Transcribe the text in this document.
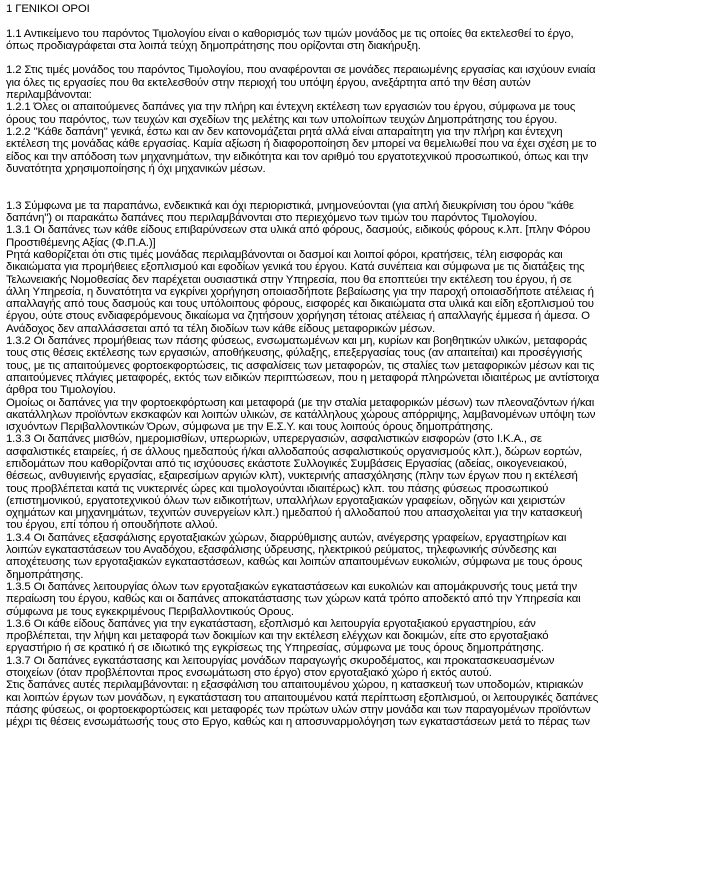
1 ΓΕΝΙΚΟΙ ΟΡΟΙ
1.1 Αντικείμενο του παρόντος Τιμολογίου είναι ο καθορισμός των τιμών μονάδος με τις οποίες θα εκτελεσθεί το έργο,
όπως προδιαγράφεται στα λοιπά τεύχη δημοπράτησης που ορίζονται στη διακήρυξη.
1.2 Στις τιμές μονάδος του παρόντος Τιμολογίου, που αναφέρονται σε μονάδες περαιωμένης εργασίας και ισχύουν ενιαία
για όλες τις εργασίες που θα εκτελεσθούν στην περιοχή του υπόψη έργου, ανεξάρτητα από την θέση αυτών
περιλαμβάνονται:
1.2.1 Όλες οι απαιτούμενες δαπάνες για την πλήρη και έντεχνη εκτέλεση των εργασιών του έργου, σύμφωνα με τους
όρους του παρόντος, των τευχών και σχεδίων της μελέτης και των υπολοίπων τευχών Δημοπράτησης του έργου.
1.2.2 "Κάθε δαπάνη" γενικά, έστω και αν δεν κατονομάζεται ρητά αλλά είναι απαραίτητη για την πλήρη και έντεχνη
εκτέλεση της μονάδας κάθε εργασίας. Καμία αξίωση ή διαφοροποίηση δεν μπορεί να θεμελιωθεί που να έχει σχέση με το
είδος και την απόδοση των μηχανημάτων, την ειδικότητα και τον αριθμό του εργατοτεχνικού προσωπικού, όπως και την
δυνατότητα χρησιμοποίησης ή όχι μηχανικών μέσων.
1.3 Σύμφωνα με τα παραπάνω, ενδεικτικά και όχι περιοριστικά, μνημονεύονται (για απλή διευκρίνιση του όρου "κάθε
δαπάνη") οι παρακάτω δαπάνες που περιλαμβάνονται στο περιεχόμενο των τιμών του παρόντος Τιμολογίου.
1.3.1 Οι δαπάνες των κάθε είδους επιβαρύνσεων στα υλικά από φόρους, δασμούς, ειδικούς φόρους κ.λπ. [πλην Φόρου
Προστιθέμενης Αξίας (Φ.Π.Α.)]
Ρητά καθορίζεται ότι στις τιμές μονάδας περιλαμβάνονται οι δασμοί και λοιποί φόροι, κρατήσεις, τέλη εισφοράς και
δικαιώματα για προμήθειες εξοπλισμού και εφοδίων γενικά του έργου. Κατά συνέπεια και σύμφωνα με τις διατάξεις της
Τελωνειακής Νομοθεσίας δεν παρέχεται ουσιαστικά στην Υπηρεσία, που θα εποπτεύει την εκτέλεση του έργου, ή σε
άλλη Υπηρεσία, η δυνατότητα να εγκρίνει χορήγηση οποιασδήποτε βεβαίωσης για την παροχή οποιασδήποτε ατέλειας ή
απαλλαγής από τους δασμούς και τους υπόλοιπους φόρους, εισφορές και δικαιώματα στα υλικά και είδη εξοπλισμού του
έργου, ούτε στους ενδιαφερόμενους δικαίωμα να ζητήσουν χορήγηση τέτοιας ατέλειας ή απαλλαγής έμμεσα ή άμεσα. Ο
Ανάδοχος δεν απαλλάσσεται από τα τέλη διοδίων των κάθε είδους μεταφορικών μέσων.
1.3.2 Οι δαπάνες προμήθειας των πάσης φύσεως, ενσωματωμένων και μη, κυρίων και βοηθητικών υλικών, μεταφοράς
τους στις θέσεις εκτέλεσης των εργασιών, αποθήκευσης, φύλαξης, επεξεργασίας τους (αν απαιτείται) και προσέγγισής
τους, με τις απαιτούμενες φορτοεκφορτώσεις, τις ασφαλίσεις των μεταφορών, τις σταλίες των μεταφορικών μέσων και τις
απαιτούμενες πλάγιες μεταφορές, εκτός των ειδικών περιπτώσεων, που η μεταφορά πληρώνεται ιδιαιτέρως με αντίστοιχα
άρθρα του Τιμολογίου.
Ομοίως οι δαπάνες για την φορτοεκφόρτωση και μεταφορά (με την σταλία μεταφορικών μέσων) των πλεοναζόντων ή/και
ακατάλληλων προϊόντων εκσκαφών και λοιπών υλικών, σε κατάλληλους χώρους απόρριψης, λαμβανομένων υπόψη των
ισχυόντων Περιβαλλοντικών Όρων, σύμφωνα με την Ε.Σ.Υ. και τους λοιπούς όρους δημοπράτησης.
1.3.3 Οι δαπάνες μισθών, ημερομισθίων, υπερωριών, υπερεργασιών, ασφαλιστικών εισφορών (στο Ι.Κ.Α., σε
ασφαλιστικές εταιρείες, ή σε άλλους ημεδαπούς ή/και αλλοδαπούς ασφαλιστικούς οργανισμούς κλπ.), δώρων εορτών,
επιδομάτων που καθορίζονται από τις ισχύουσες εκάστοτε Συλλογικές Συμβάσεις Εργασίας (αδείας, οικογενειακού,
θέσεως, ανθυγιεινής εργασίας, εξαιρεσίμων αργιών κλπ), νυκτερινής απασχόλησης (πλην των έργων που η εκτέλεσή
τους προβλέπεται κατά τις νυκτερινές ώρες και τιμολογούνται ιδιαιτέρως) κλπ. του πάσης φύσεως προσωπικού
(επιστημονικού, εργατοτεχνικού όλων των ειδικοτήτων, υπαλλήλων εργοταξιακών γραφείων, οδηγών και χειριστών
οχημάτων και μηχανημάτων, τεχνιτών συνεργείων κλπ.) ημεδαπού ή αλλοδαπού που απασχολείται για την κατασκευή
του έργου, επί τόπου ή οπουδήποτε αλλού.
1.3.4 Οι δαπάνες εξασφάλισης εργοταξιακών χώρων, διαρρύθμισης αυτών, ανέγερσης γραφείων, εργαστηρίων και
λοιπών εγκαταστάσεων του Αναδόχου, εξασφάλισης ύδρευσης, ηλεκτρικού ρεύματος, τηλεφωνικής σύνδεσης και
αποχέτευσης των εργοταξιακών εγκαταστάσεων, καθώς και λοιπών απαιτουμένων ευκολιών, σύμφωνα με τους όρους
δημοπράτησης.
1.3.5 Οι δαπάνες λειτουργίας όλων των εργοταξιακών εγκαταστάσεων και ευκολιών και απομάκρυνσής τους μετά την
περαίωση του έργου, καθώς και οι δαπάνες αποκατάστασης των χώρων κατά τρόπο αποδεκτό από την Υπηρεσία και
σύμφωνα με τους εγκεκριμένους Περιβαλλοντικούς Ορους.
1.3.6 Οι κάθε είδους δαπάνες για την εγκατάσταση, εξοπλισμό και λειτουργία εργοταξιακού εργαστηρίου, εάν
προβλέπεται, την λήψη και μεταφορά των δοκιμίων και την εκτέλεση ελέγχων και δοκιμών, είτε στο εργοταξιακό
εργαστήριο ή σε κρατικό ή σε ιδιωτικό της εγκρίσεως της Υπηρεσίας, σύμφωνα με τους όρους δημοπράτησης.
1.3.7 Οι δαπάνες εγκατάστασης και λειτουργίας μονάδων παραγωγής σκυροδέματος, και προκατασκευασμένων
στοιχείων (όταν προβλέπονται προς ενσωμάτωση στο έργο) στον εργοταξιακό χώρο ή εκτός αυτού.
Στις δαπάνες αυτές περιλαμβάνονται: η εξασφάλιση του απαιτουμένου χώρου, η κατασκευή των υποδομών, κτιριακών
και λοιπών έργων των μονάδων, η εγκατάσταση του απαιτουμένου κατά περίπτωση εξοπλισμού, οι λειτουργικές δαπάνες
πάσης φύσεως, οι φορτοεκφορτώσεις και μεταφορές των πρώτων υλών στην μονάδα και των παραγομένων προϊόντων
μέχρι τις θέσεις ενσωμάτωσής τους στο Εργο, καθώς και η αποσυναρμολόγηση των εγκαταστάσεων μετά το πέρας των
